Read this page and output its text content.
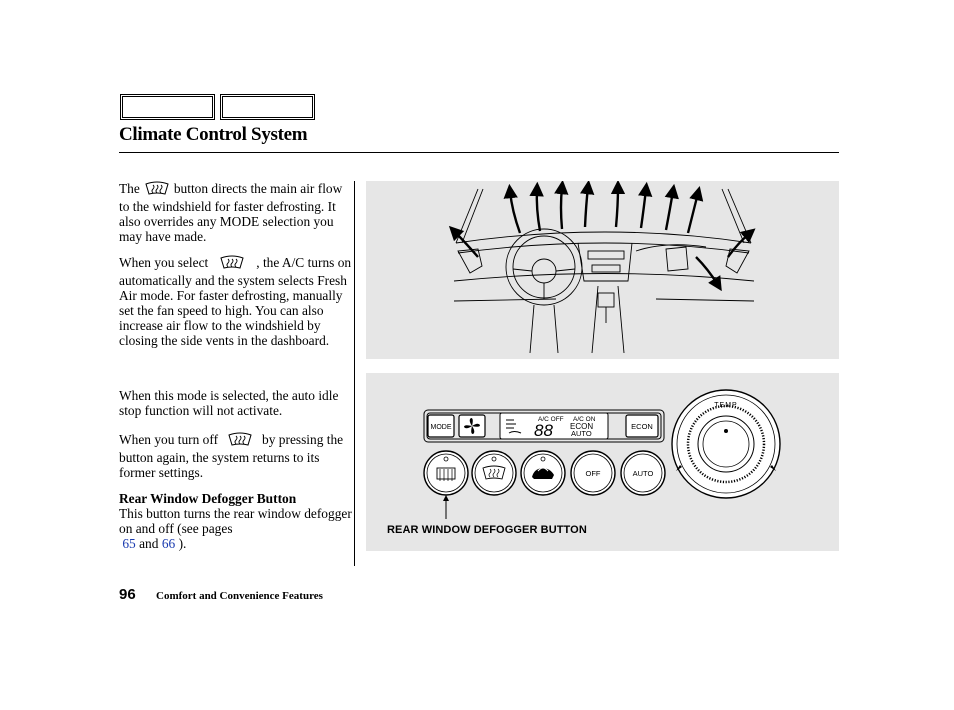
Climate Control System
The	button directs the main air flow to the windshield for faster defrosting. It also overrides any MODE selection you may have made.
When you select	, the A/C turns on automatically and the system selects Fresh Air mode. For faster defrosting, manually set the fan speed to high. You can also increase air flow to the windshield by closing the side vents in the dashboard.
When this mode is selected, the auto idle stop function will not activate.
When you turn off	by pressing the button again, the system returns to its former settings.
Rear Window Defogger Button
This button turns the rear window defogger on and off (see pages
65 and 66 ).
MODE
A/C OFF A/C ON
88 ECON
AUTO
ECON
OFF	AUTO
TEMP
REAR WINDOW DEFOGGER BUTTON
96 Comfort and Convenience Features
